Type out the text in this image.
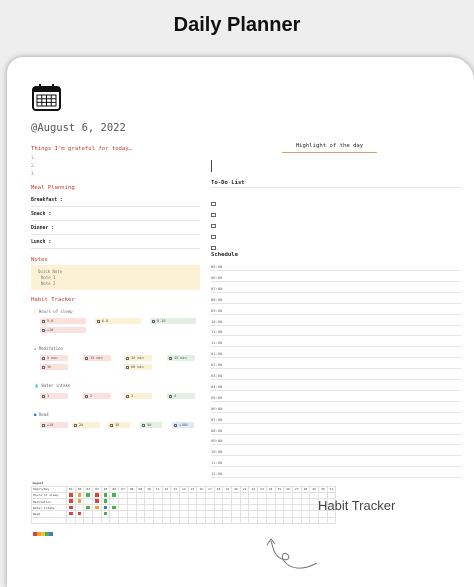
Daily Planner
@August 6, 2022
Things I’m grateful for today…
1.
2.
3.
Highlight of the day
Meal Planning
Breakfast :
Snack :
Dinner :
Lunch :
To-Do List
Notes
Quick Note
Note 1
Note 2
Schedule
05:00
06:00
07:00
08:00
09:00
10:00
11:00
12:00
01:00
02:00
03:00
04:00
05:00
06:00
07:00
08:00
09:00
10:00
11:00
12:00
Habit Tracker
☾ Hours of sleep
5-6	6-8	8-10
+10
♙ Meditation
5 min	15 min	30 min	45 min
1h	60 min
💧 Water intake
1	2	3	4
■ Read
+10	20	30	50	+100
August																															
Habit/Day	01	02	03	04	05	06	07	08	09	10	11	12	13	14	15	16	17	18	19	20	21	22	23	24	25	26	27	28	29	30	31
Hours of sleep																															
Meditation																															
Water intake																															
Read																															

Habit Tracker
